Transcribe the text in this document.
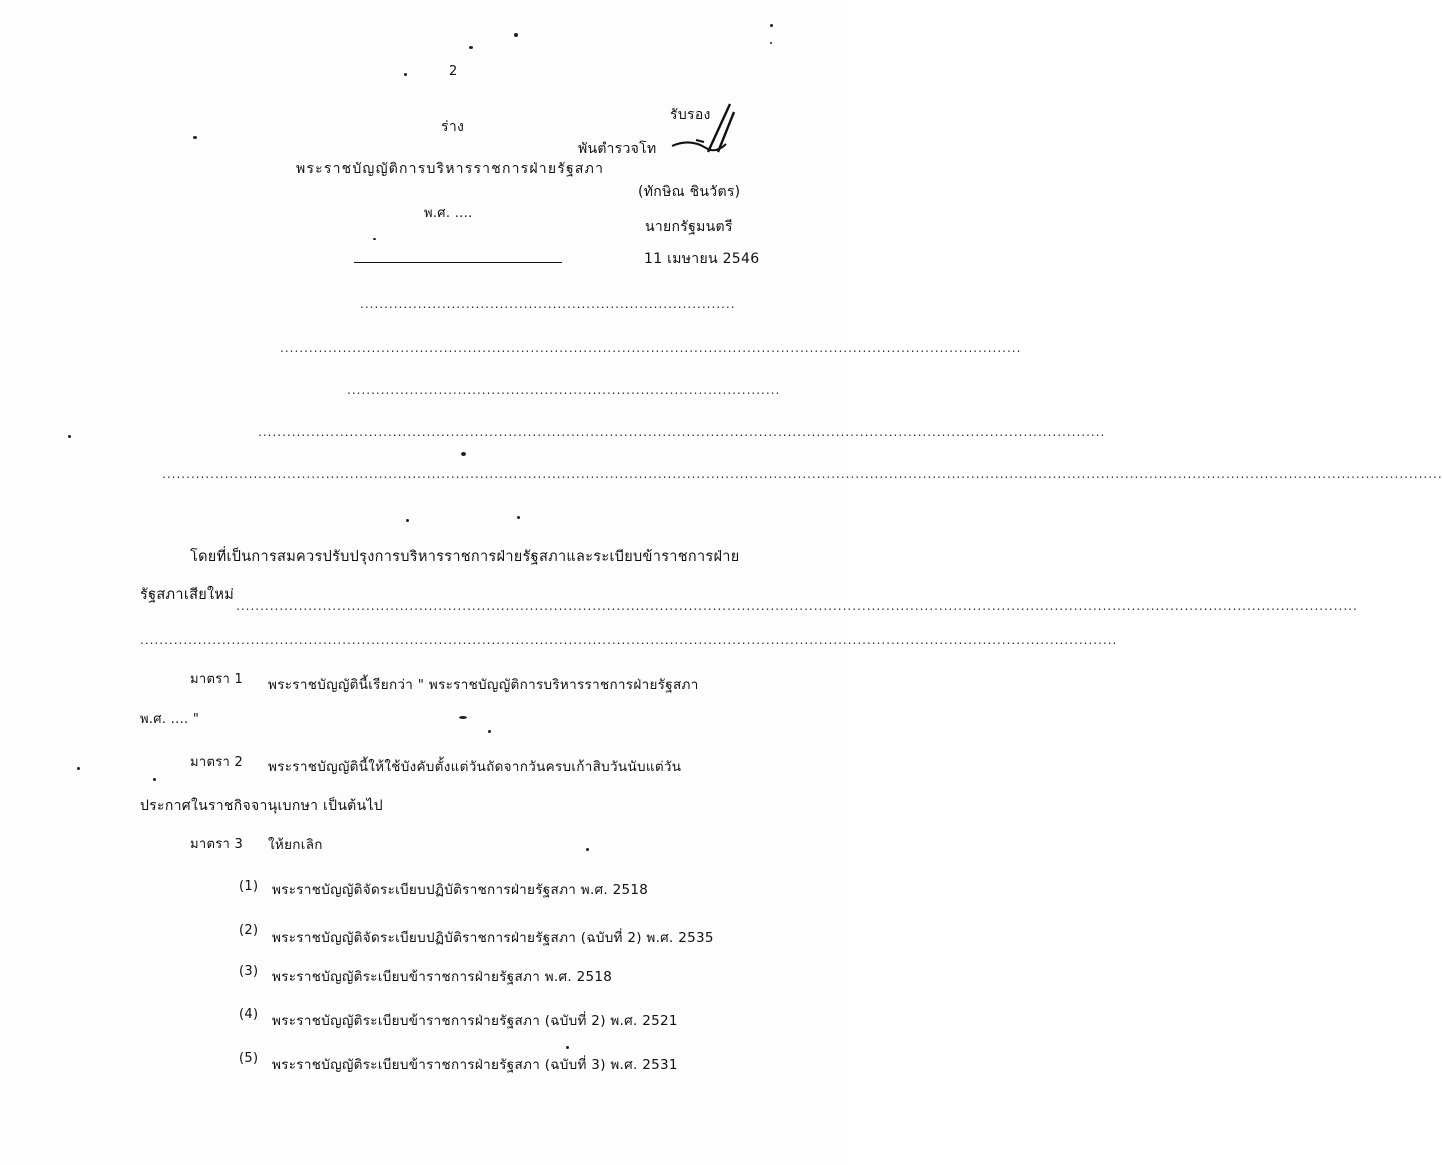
2
ร่าง
พระราชบัญญัติการบริหารราชการฝ่ายรัฐสภา
พ.ศ. ....
รับรอง
พันตำรวจโท
(ทักษิณ ชินวัตร)
นายกรัฐมนตรี
11 เมษายน 2546
..............................................................................
..........................................................................................................................................................
..........................................................................................
................................................................................................................................................................................
..........................................................................................................................................................................................................................................................................
โดยที่เป็นการสมควรปรับปรุงการบริหารราชการฝ่ายรัฐสภาและระเบียบข้าราชการฝ่าย
รัฐสภาเสียใหม่
.........................................................................................................................................................................................................................................
...........................................................................................................................................................................................................
มาตรา 1 พระราชบัญญัตินี้เรียกว่า " พระราชบัญญัติการบริหารราชการฝ่ายรัฐสภา
พ.ศ. .... "
มาตรา 2 พระราชบัญญัตินี้ให้ใช้บังคับตั้งแต่วันถัดจากวันครบเก้าสิบวันนับแต่วัน
ประกาศในราชกิจจานุเบกษา เป็นต้นไป
มาตรา 3 ให้ยกเลิก
(1) พระราชบัญญัติจัดระเบียบปฏิบัติราชการฝ่ายรัฐสภา พ.ศ. 2518
(2) พระราชบัญญัติจัดระเบียบปฏิบัติราชการฝ่ายรัฐสภา (ฉบับที่ 2) พ.ศ. 2535
(3) พระราชบัญญัติระเบียบข้าราชการฝ่ายรัฐสภา พ.ศ. 2518
(4) พระราชบัญญัติระเบียบข้าราชการฝ่ายรัฐสภา (ฉบับที่ 2) พ.ศ. 2521
(5) พระราชบัญญัติระเบียบข้าราชการฝ่ายรัฐสภา (ฉบับที่ 3) พ.ศ. 2531
